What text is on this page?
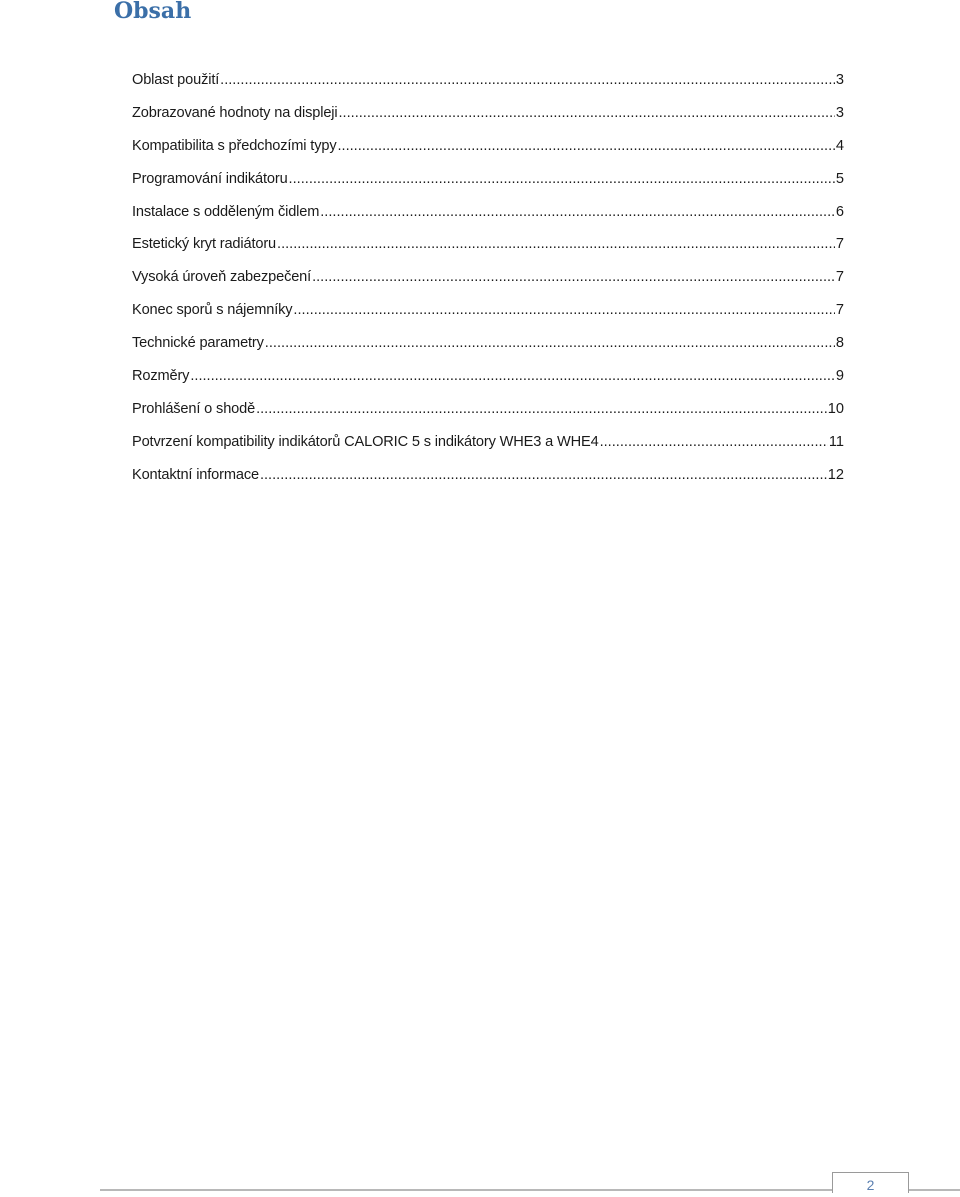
Obsah
Oblast použití .....	3
Zobrazované hodnoty na displeji .....	3
Kompatibilita s předchozími typy .....	4
Programování indikátoru .....	5
Instalace s odděleným čidlem .....	6
Estetický kryt radiátoru .....	7
Vysoká úroveň zabezpečení .....	7
Konec sporů s nájemníky .....	7
Technické parametry .....	8
Rozměry .....	9
Prohlášení o shodě .....	10
Potvrzení kompatibility indikátorů CALORIC 5 s indikátory WHE3 a WHE4 .....	11
Kontaktní informace .....	12
2
